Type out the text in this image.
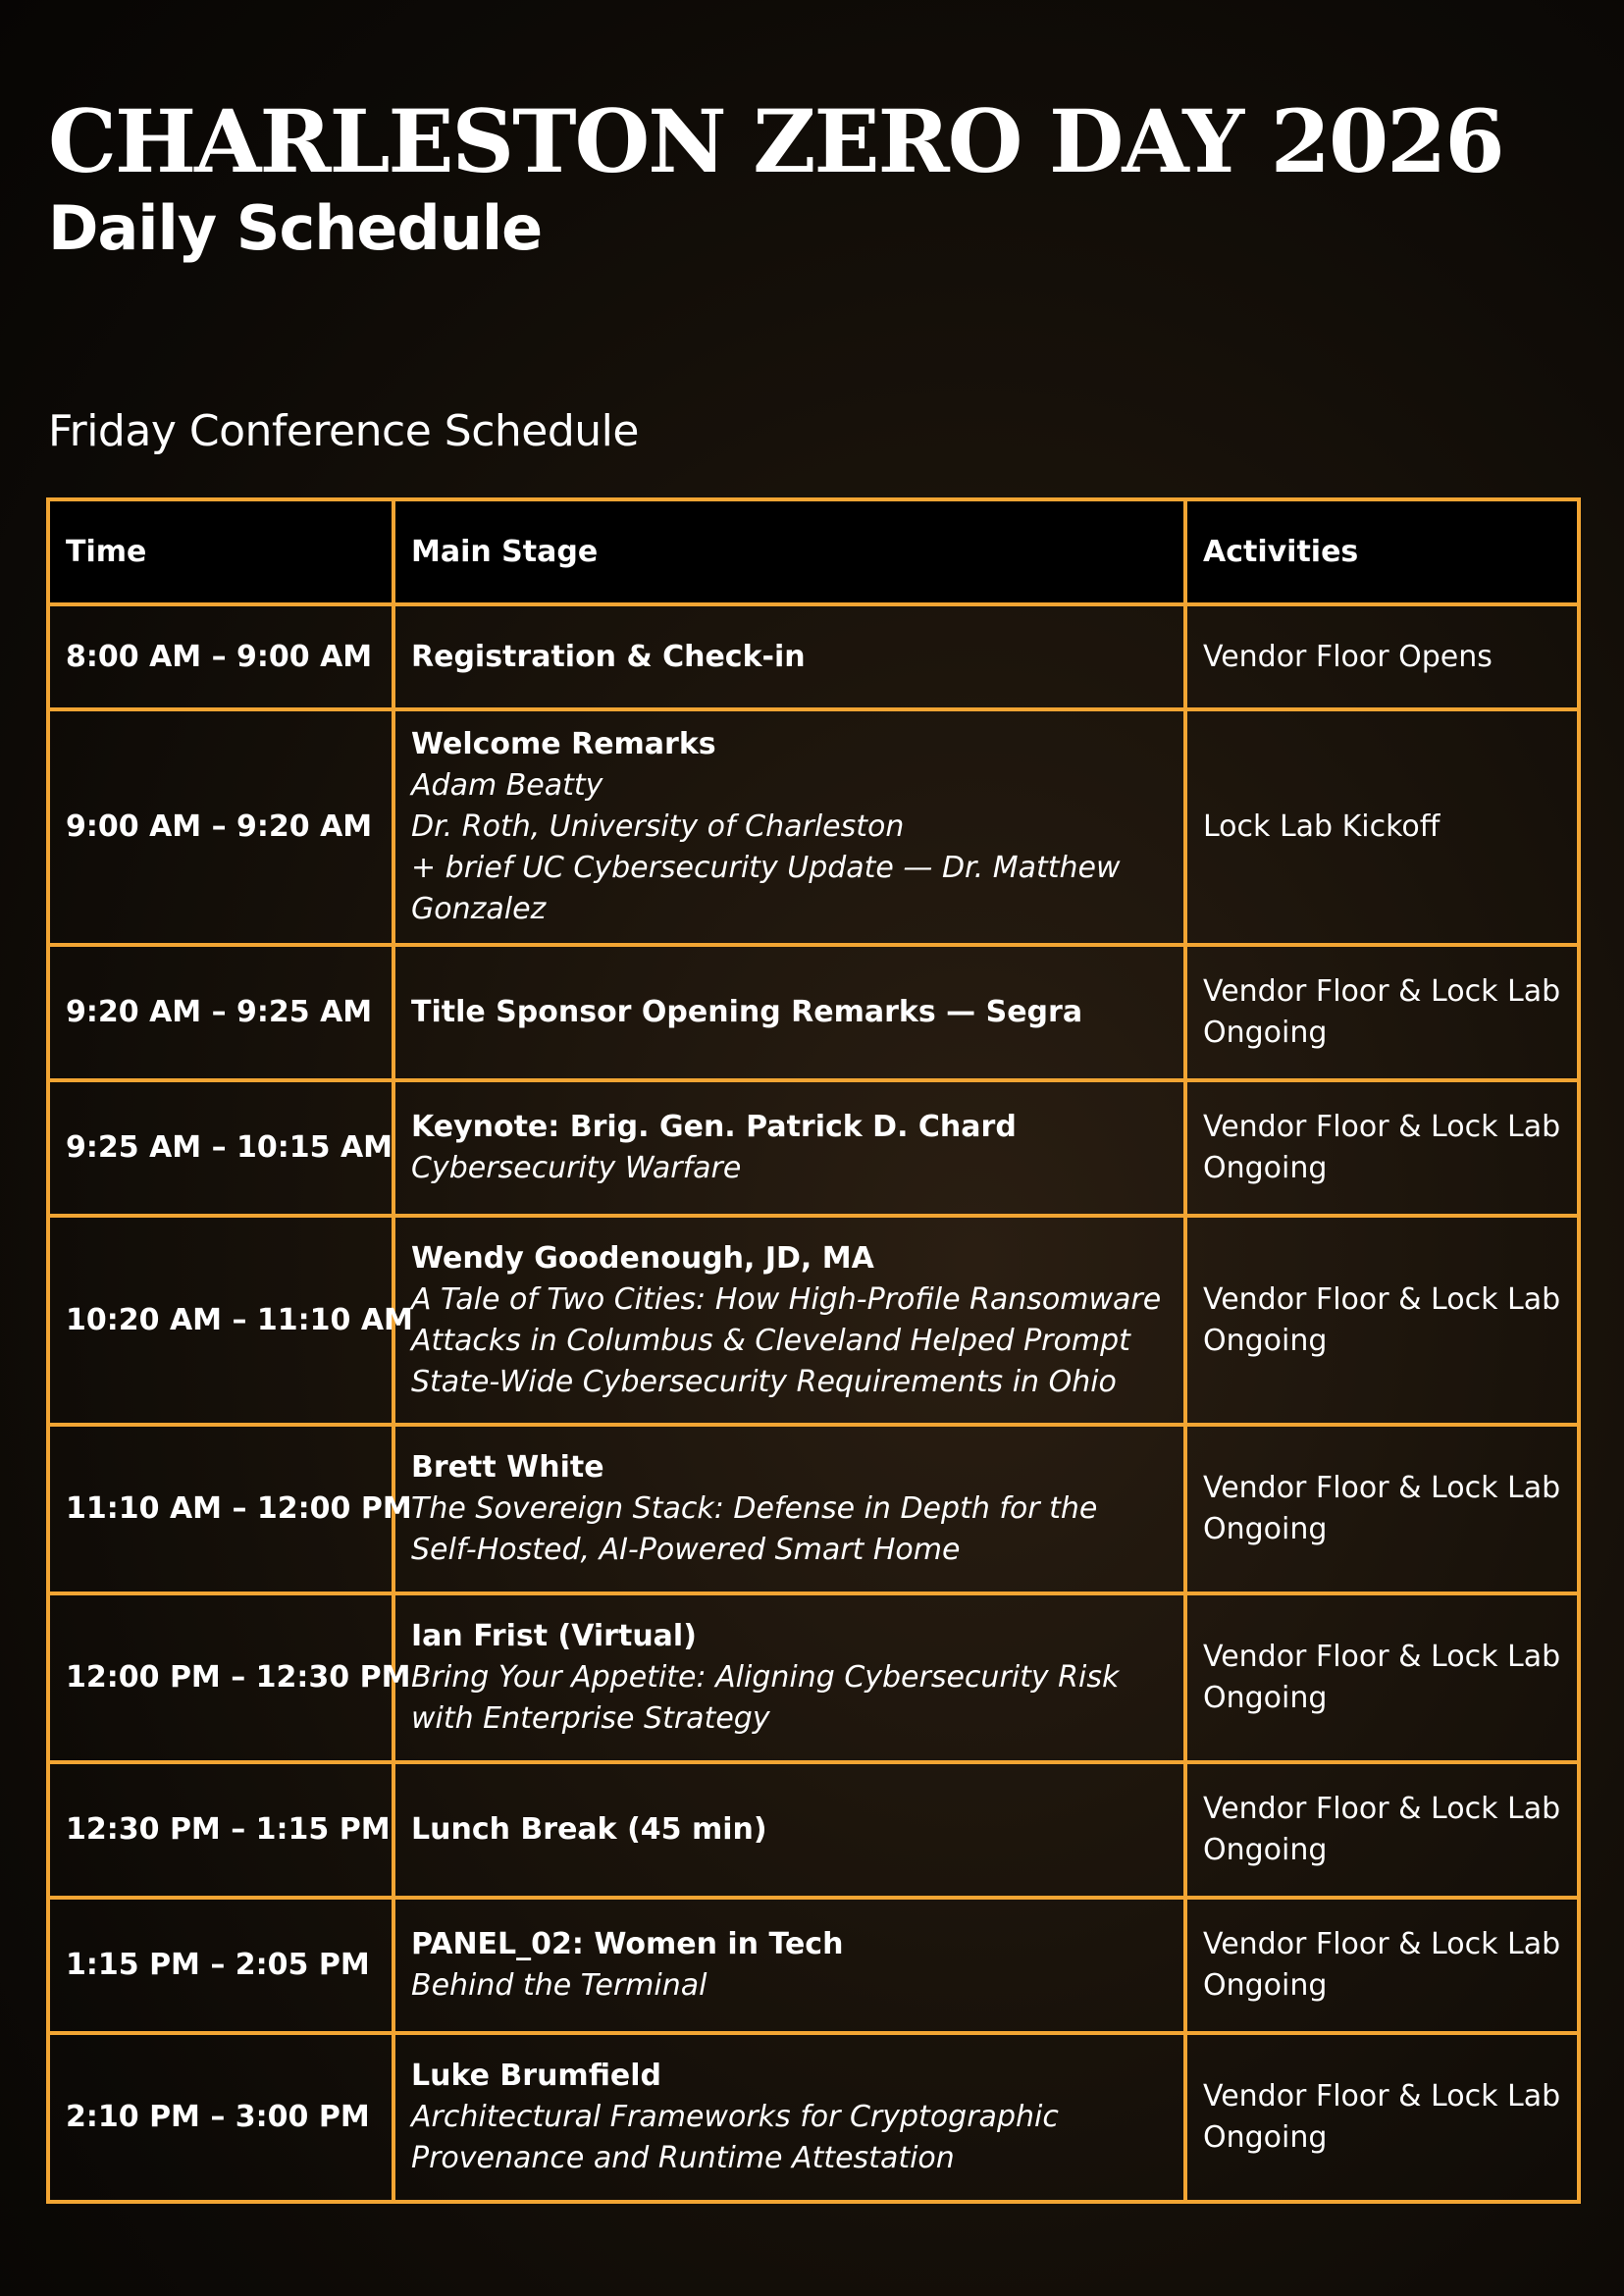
CHARLESTON ZERO DAY 2026
Daily Schedule
Friday Conference Schedule
Time	Main Stage	Activities
8:00 AM – 9:00 AM	Registration & Check-in	Vendor Floor Opens
9:00 AM – 9:20 AM	Welcome Remarks
Adam Beatty
Dr. Roth, University of Charleston
+ brief UC Cybersecurity Update — Dr. Matthew Gonzalez	Lock Lab Kickoff
9:20 AM – 9:25 AM	Title Sponsor Opening Remarks — Segra	Vendor Floor & Lock Lab Ongoing
9:25 AM – 10:15 AM	Keynote: Brig. Gen. Patrick D. Chard
Cybersecurity Warfare	Vendor Floor & Lock Lab Ongoing
10:20 AM – 11:10 AM	Wendy Goodenough, JD, MA
A Tale of Two Cities: How High-Profile Ransomware Attacks in Columbus & Cleveland Helped Prompt State-Wide Cybersecurity Requirements in Ohio	Vendor Floor & Lock Lab Ongoing
11:10 AM – 12:00 PM	Brett White
The Sovereign Stack: Defense in Depth for the Self-Hosted, AI-Powered Smart Home	Vendor Floor & Lock Lab Ongoing
12:00 PM – 12:30 PM	Ian Frist (Virtual)
Bring Your Appetite: Aligning Cybersecurity Risk with Enterprise Strategy	Vendor Floor & Lock Lab Ongoing
12:30 PM – 1:15 PM	Lunch Break (45 min)	Vendor Floor & Lock Lab Ongoing
1:15 PM – 2:05 PM	PANEL_02: Women in Tech
Behind the Terminal	Vendor Floor & Lock Lab Ongoing
2:10 PM – 3:00 PM	Luke Brumfield
Architectural Frameworks for Cryptographic Provenance and Runtime Attestation	Vendor Floor & Lock Lab Ongoing
